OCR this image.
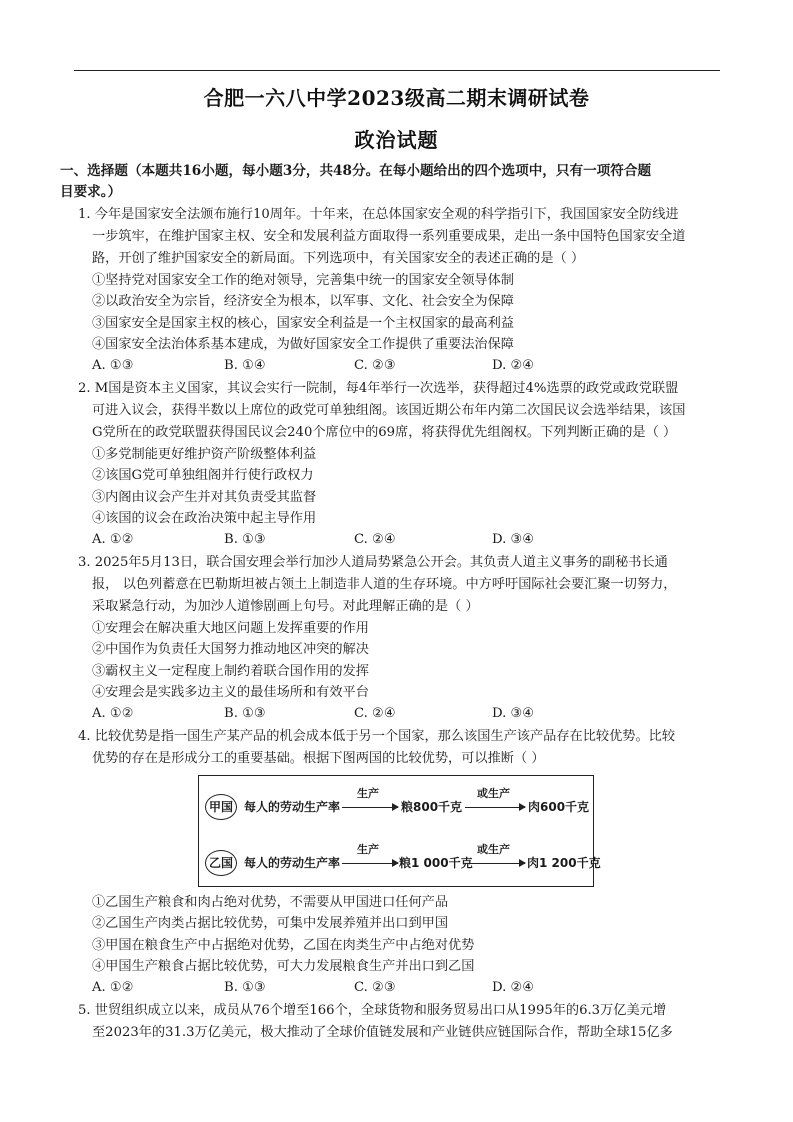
合肥一六八中学2023级高二期末调研试卷
政治试题
一、选择题（本题共16小题，每小题3分，共48分。在每小题给出的四个选项中，只有一项符合题
目要求。）
1. 今年是国家安全法颁布施行10周年。十年来，在总体国家安全观的科学指引下，我国国家安全防线进
一步筑牢，在维护国家主权、安全和发展利益方面取得一系列重要成果，走出一条中国特色国家安全道
路，开创了维护国家安全的新局面。下列选项中，有关国家安全的表述正确的是（ ）
①坚持党对国家安全工作的绝对领导，完善集中统一的国家安全领导体制
②以政治安全为宗旨，经济安全为根本，以军事、文化、社会安全为保障
③国家安全是国家主权的核心，国家安全利益是一个主权国家的最高利益
④国家安全法治体系基本建成，为做好国家安全工作提供了重要法治保障
A. ①③	B. ①④	C. ②③	D. ②④
2. M国是资本主义国家，其议会实行一院制，每4年举行一次选举，获得超过4%选票的政党或政党联盟
可进入议会，获得半数以上席位的政党可单独组阁。该国近期公布年内第二次国民议会选举结果，该国
G党所在的政党联盟获得国民议会240个席位中的69席，将获得优先组阁权。下列判断正确的是（ ）
①多党制能更好维护资产阶级整体利益
②该国G党可单独组阁并行使行政权力
③内阁由议会产生并对其负责受其监督
④该国的议会在政治决策中起主导作用
A. ①②	B. ①③	C. ②④	D. ③④
3. 2025年5月13日，联合国安理会举行加沙人道局势紧急公开会。其负责人道主义事务的副秘书长通
报， 以色列蓄意在巴勒斯坦被占领土上制造非人道的生存环境。中方呼吁国际社会要汇聚一切努力，
采取紧急行动，为加沙人道惨剧画上句号。对此理解正确的是（ ）
①安理会在解决重大地区问题上发挥重要的作用
②中国作为负责任大国努力推动地区冲突的解决
③霸权主义一定程度上制约着联合国作用的发挥
④安理会是实践多边主义的最佳场所和有效平台
A. ①②	B. ①③	C. ②④	D. ③④
4. 比较优势是指一国生产某产品的机会成本低于另一个国家，那么该国生产该产品存在比较优势。比较
优势的存在是形成分工的重要基础。根据下图两国的比较优势，可以推断（ ）
甲国 每人的劳动生产率
生产
粮800千克
或生产
肉600千克
乙国 每人的劳动生产率
生产
粮1 000千克
或生产
肉1 200千克
①乙国生产粮食和肉占绝对优势，不需要从甲国进口任何产品
②乙国生产肉类占据比较优势，可集中发展养殖并出口到甲国
③甲国在粮食生产中占据绝对优势，乙国在肉类生产中占绝对优势
④甲国生产粮食占据比较优势，可大力发展粮食生产并出口到乙国
A. ①②	B. ①③	C. ②③	D. ②④
5. 世贸组织成立以来，成员从76个增至166个，全球货物和服务贸易出口从1995年的6.3万亿美元增
至2023年的31.3万亿美元，极大推动了全球价值链发展和产业链供应链国际合作，帮助全球15亿多
